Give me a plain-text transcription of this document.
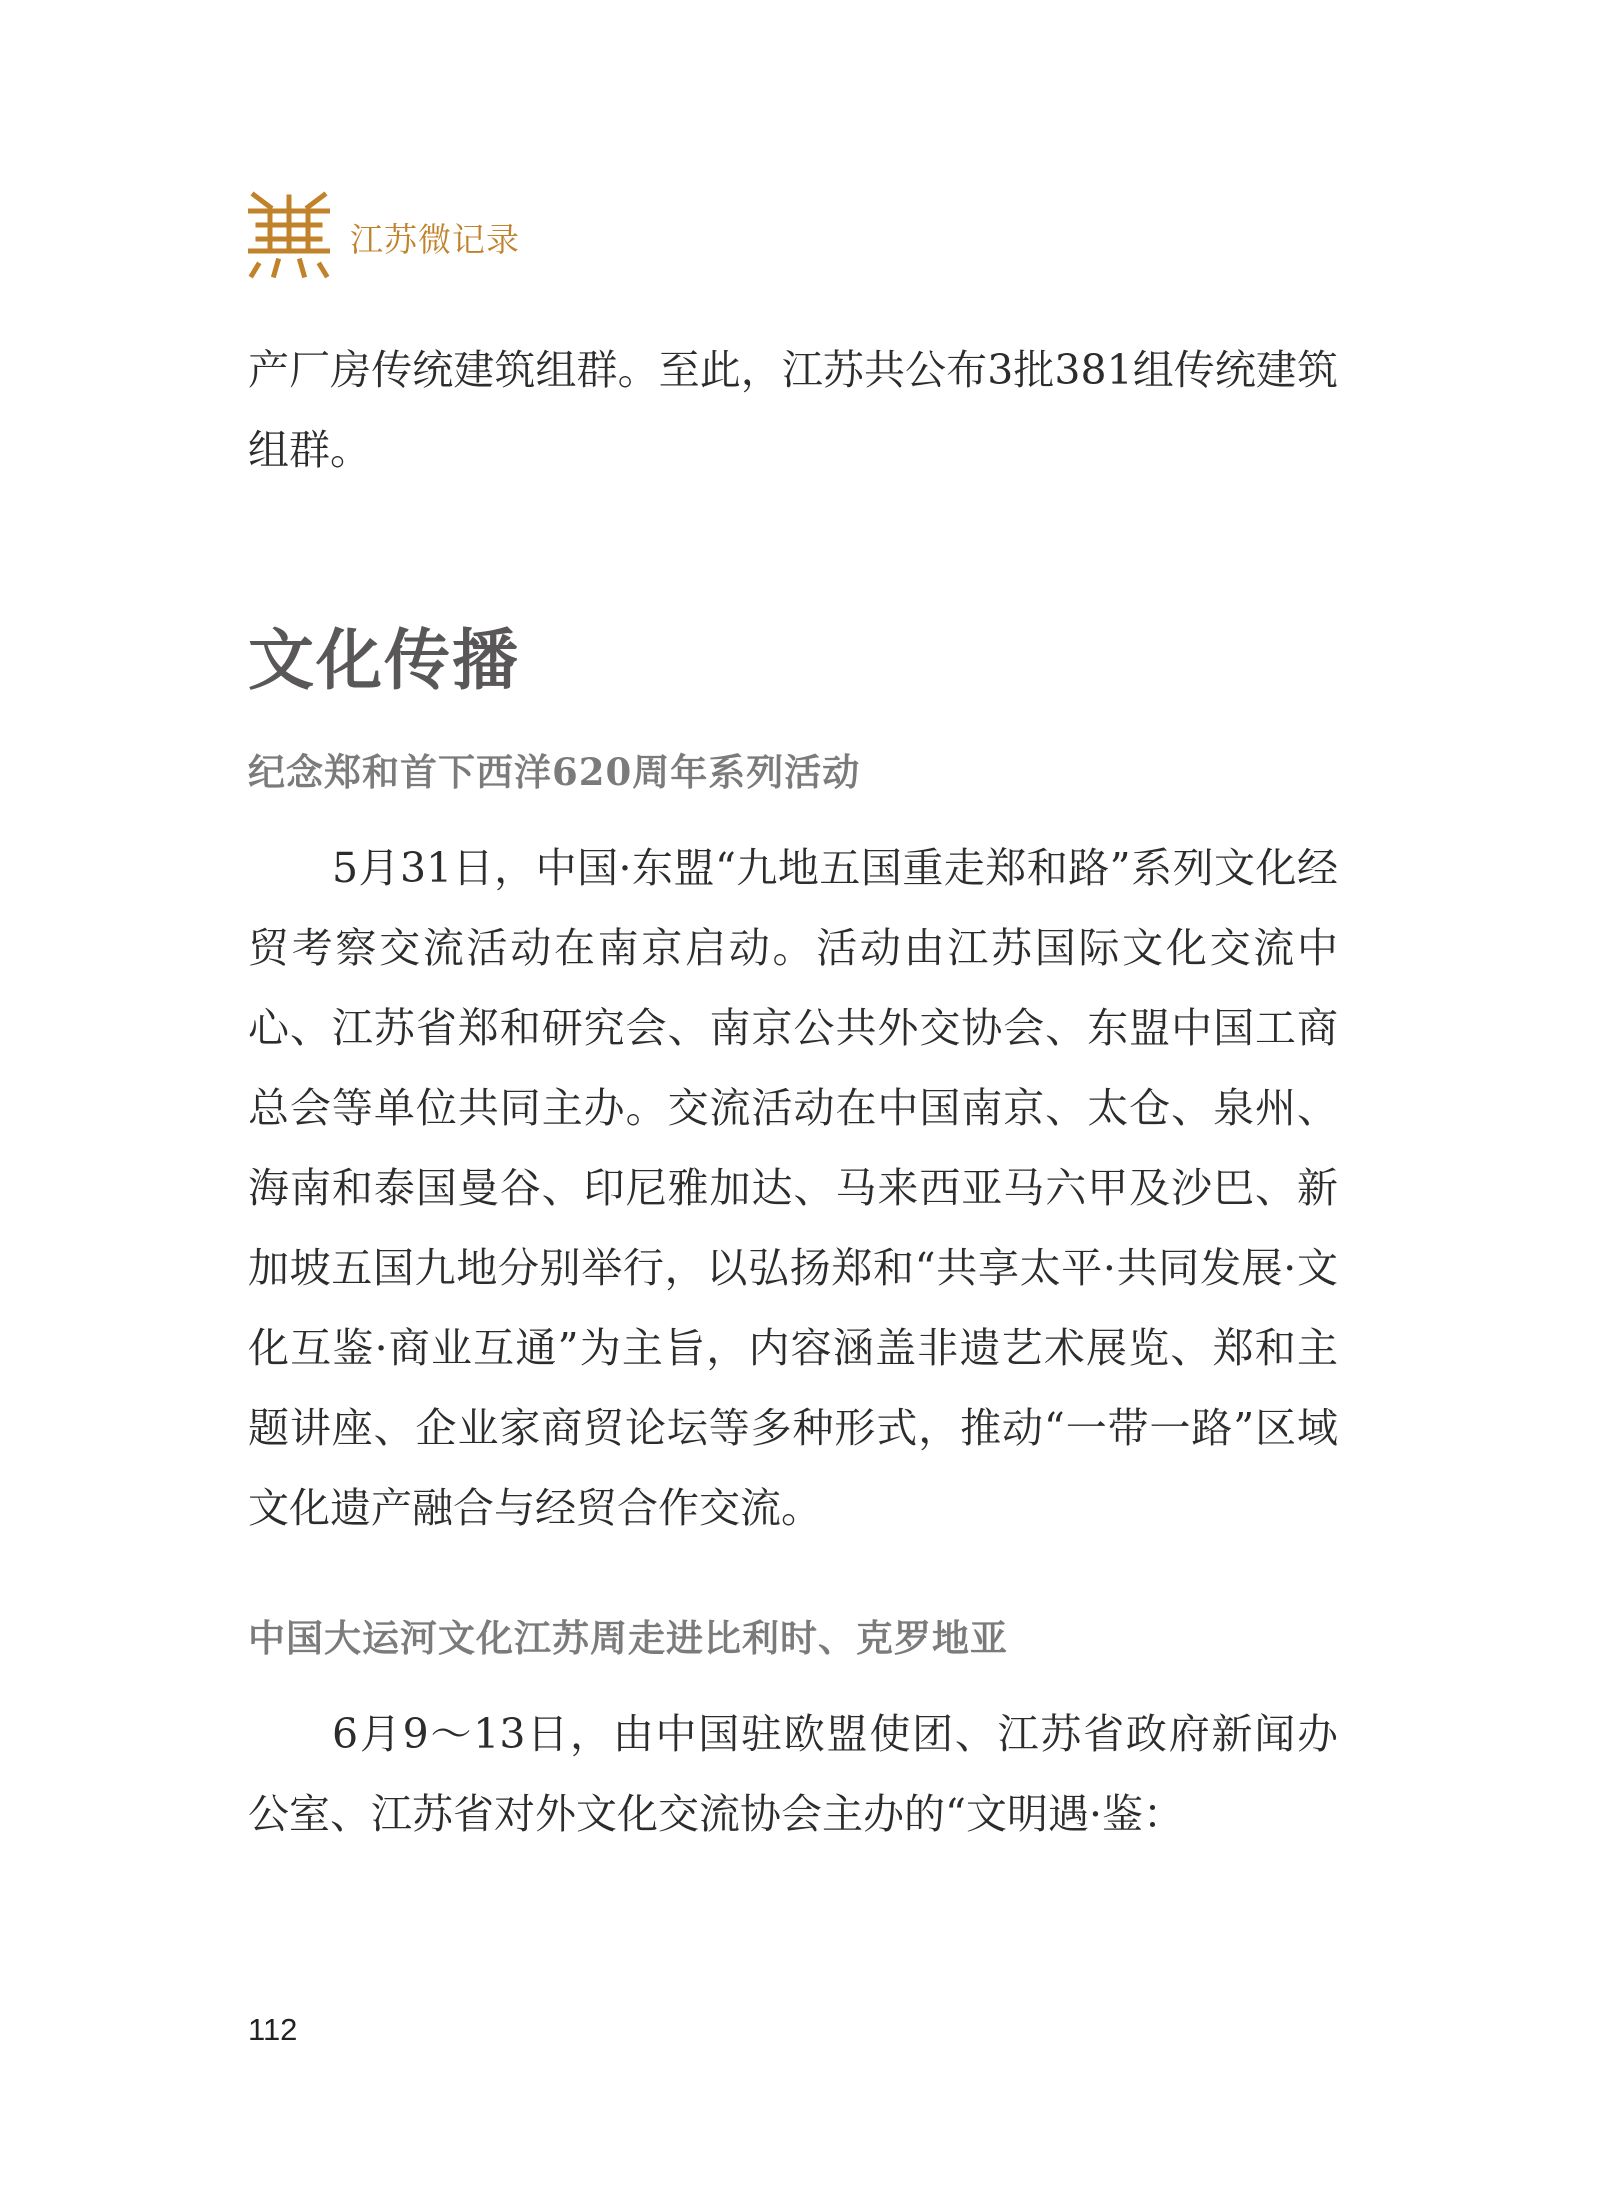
江苏微记录

产厂房传统建筑组群。至此，江苏共公布3批381组传统建筑组群。

文化传播
纪念郑和首下西洋620周年系列活动

5月31日，中国·东盟“九地五国重走郑和路”系列文化经贸考察交流活动在南京启动。活动由江苏国际文化交流中心、江苏省郑和研究会、南京公共外交协会、东盟中国工商总会等单位共同主办。交流活动在中国南京、太仓、泉州、海南和泰国曼谷、印尼雅加达、马来西亚马六甲及沙巴、新加坡五国九地分别举行，以弘扬郑和“共享太平·共同发展·文化互鉴·商业互通”为主旨，内容涵盖非遗艺术展览、郑和主题讲座、企业家商贸论坛等多种形式，推动“一带一路”区域文化遗产融合与经贸合作交流。

中国大运河文化江苏周走进比利时、克罗地亚

6月9～13日，由中国驻欧盟使团、江苏省政府新闻办公室、江苏省对外文化交流协会主办的“文明遇·鉴：

112
